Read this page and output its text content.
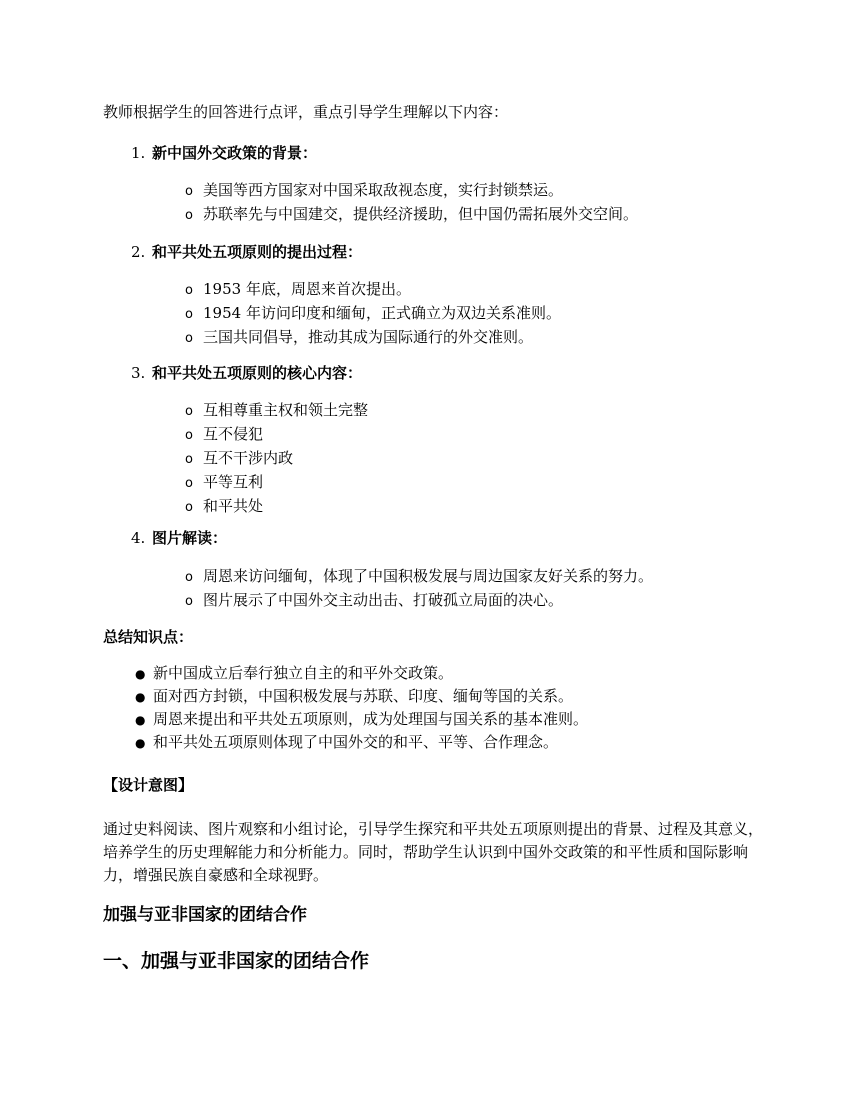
教师根据学生的回答进行点评，重点引导学生理解以下内容：

1. 新中国外交政策的背景：
o 美国等西方国家对中国采取敌视态度，实行封锁禁运。
o 苏联率先与中国建交，提供经济援助，但中国仍需拓展外交空间。
2. 和平共处五项原则的提出过程：
o 1953 年底，周恩来首次提出。
o 1954 年访问印度和缅甸，正式确立为双边关系准则。
o 三国共同倡导，推动其成为国际通行的外交准则。
3. 和平共处五项原则的核心内容：
o 互相尊重主权和领土完整
o 互不侵犯
o 互不干涉内政
o 平等互利
o 和平共处
4. 图片解读：
o 周恩来访问缅甸，体现了中国积极发展与周边国家友好关系的努力。
o 图片展示了中国外交主动出击、打破孤立局面的决心。

总结知识点：

● 新中国成立后奉行独立自主的和平外交政策。
● 面对西方封锁，中国积极发展与苏联、印度、缅甸等国的关系。
● 周恩来提出和平共处五项原则，成为处理国与国关系的基本准则。
● 和平共处五项原则体现了中国外交的和平、平等、合作理念。

【设计意图】

通过史料阅读、图片观察和小组讨论，引导学生探究和平共处五项原则提出的背景、过程及其意义，培养学生的历史理解能力和分析能力。同时，帮助学生认识到中国外交政策的和平性质和国际影响力，增强民族自豪感和全球视野。

加强与亚非国家的团结合作
一、加强与亚非国家的团结合作
